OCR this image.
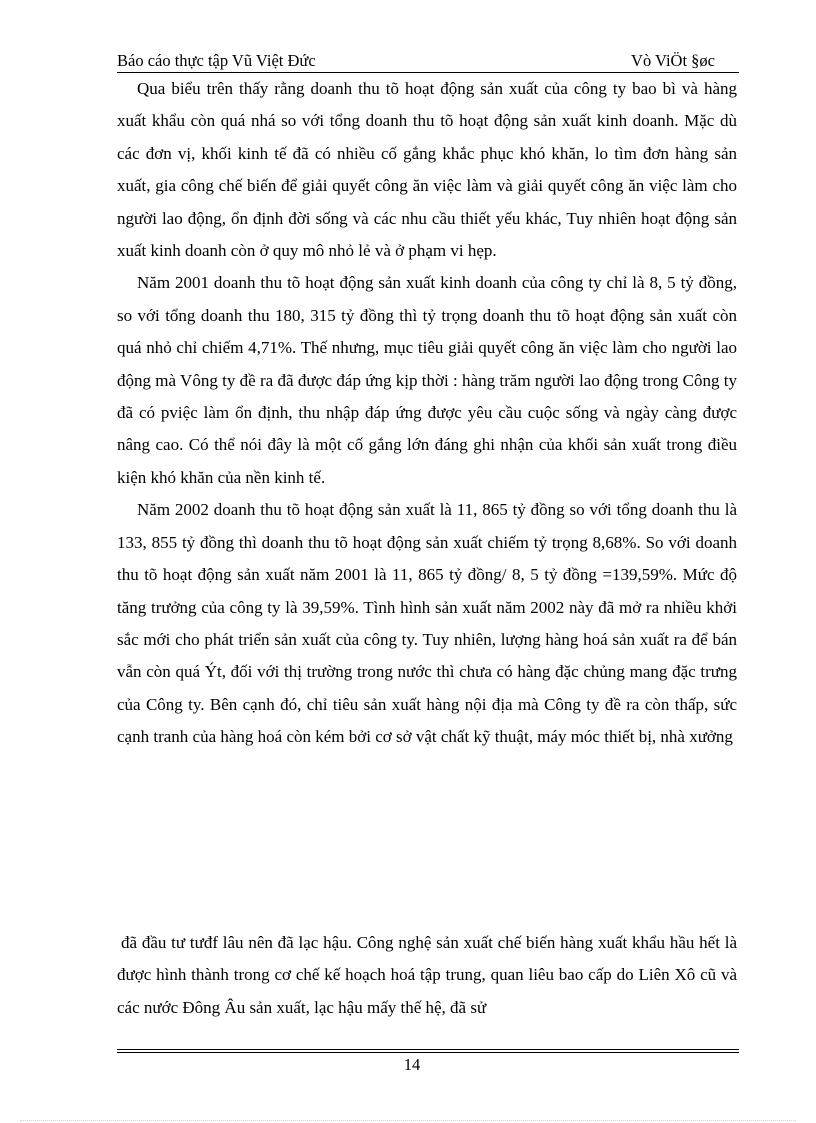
Báo cáo thực tập Vũ Việt Đức	Vò ViÖt §øc

Qua biểu trên thấy rằng doanh thu tõ hoạt động sản xuất của công ty bao bì và hàng xuất khẩu còn quá nhá so với tổng doanh thu tõ hoạt động sản xuất kinh doanh. Mặc dù các đơn vị, khối kinh tế đã có nhiều cố gắng khắc phục khó khăn, lo tìm đơn hàng sản xuất, gia công chế biến để giải quyết công ăn việc làm và giải quyết công ăn việc làm cho người lao động, ổn định đời sống và các nhu cầu thiết yếu khác, Tuy nhiên hoạt động sản xuất kinh doanh còn ở quy mô nhỏ lẻ và ở phạm vi hẹp.

Năm 2001 doanh thu tõ hoạt động sản xuất kinh doanh của công ty chỉ là 8, 5 tỷ đồng, so với tổng doanh thu 180, 315 tỷ đồng thì tỷ trọng doanh thu tõ hoạt động sản xuất còn quá nhỏ chỉ chiếm 4,71%. Thế nhưng, mục tiêu giải quyết công ăn việc làm cho người lao động mà Vông ty đề ra đã được đáp ứng kịp thời : hàng trăm người lao động trong Công ty đã có pviệc làm ổn định, thu nhập đáp ứng được yêu cầu cuộc sống và ngày càng được nâng cao. Có thể nói đây là một cố gắng lớn đáng ghi nhận của khối sản xuất trong điều kiện khó khăn của nền kinh tế.

Năm 2002 doanh thu tõ hoạt động sản xuất là 11, 865 tỷ đồng so với tổng doanh thu là 133, 855 tỷ đồng thì doanh thu tõ hoạt động sản xuất chiếm tỷ trọng 8,68%. So với doanh thu tõ hoạt động sản xuất năm 2001 là 11, 865 tỷ đồng/ 8, 5 tỷ đồng =139,59%. Mức độ tăng trưởng của công ty là 39,59%. Tình hình sản xuất năm 2002 này đã mở ra nhiều khởi sắc mới cho phát triển sản xuất của công ty. Tuy nhiên, lượng hàng hoá sản xuất ra để bán vẫn còn quá Ýt, đối với thị trường trong nước thì chưa có hàng đặc chủng mang đặc trưng của Công ty. Bên cạnh đó, chỉ tiêu sản xuất hàng nội địa mà Công ty đề ra còn thấp, sức cạnh tranh của hàng hoá còn kém bởi cơ sở vật chất kỹ thuật, máy móc thiết bị, nhà xưởng

đã đầu tư tưđf lâu nên đã lạc hậu. Công nghệ sản xuất chế biến hàng xuất khẩu hầu hết là được hình thành trong cơ chế kế hoạch hoá tập trung, quan liêu bao cấp do Liên Xô cũ và các nước Đông Âu sản xuất, lạc hậu mấy thế hệ, đã sử

14
